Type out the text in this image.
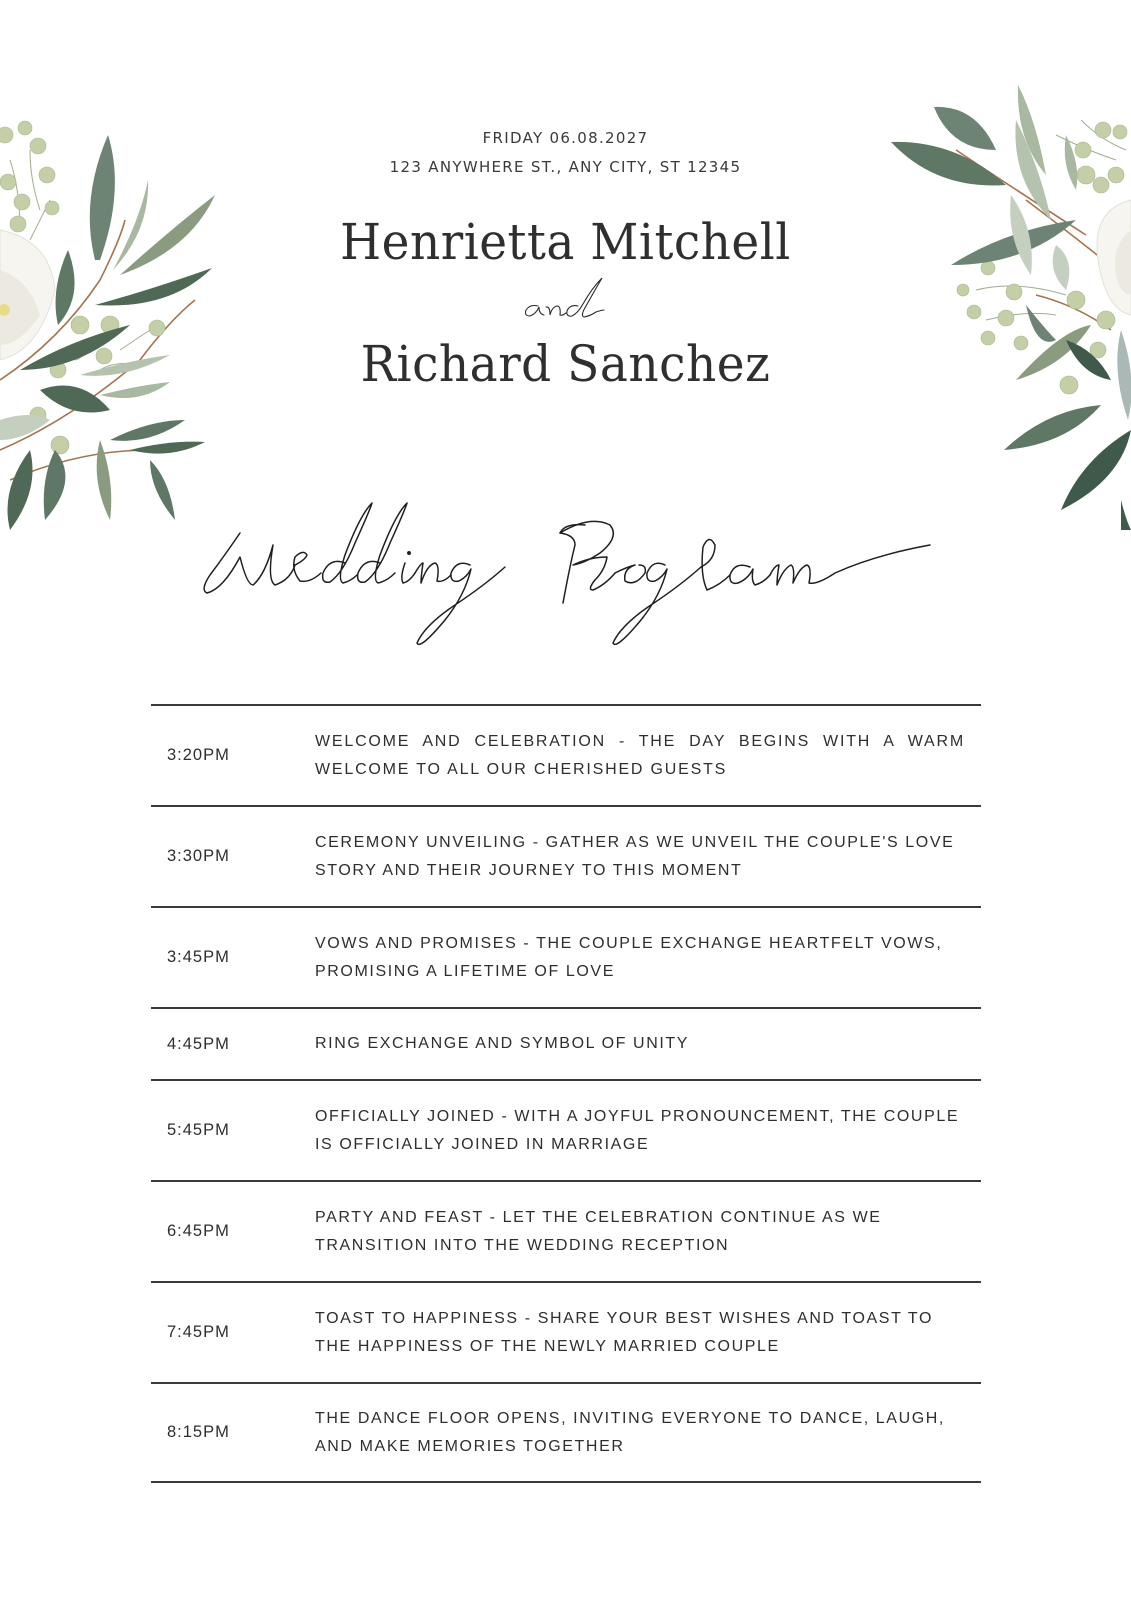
FRIDAY 06.08.2027
123 ANYWHERE ST., ANY CITY, ST 12345
Henrietta Mitchell
Richard Sanchez
3:20PM
WELCOME AND CELEBRATION - THE DAY BEGINS WITH A WARM WELCOME TO ALL OUR CHERISHED GUESTS
3:30PM
CEREMONY UNVEILING - GATHER AS WE UNVEIL THE COUPLE'S LOVE STORY AND THEIR JOURNEY TO THIS MOMENT
3:45PM
VOWS AND PROMISES - THE COUPLE EXCHANGE HEARTFELT VOWS, PROMISING A LIFETIME OF LOVE
4:45PM	RING EXCHANGE AND SYMBOL OF UNITY
5:45PM
OFFICIALLY JOINED - WITH A JOYFUL PRONOUNCEMENT, THE COUPLE IS OFFICIALLY JOINED IN MARRIAGE
6:45PM
PARTY AND FEAST - LET THE CELEBRATION CONTINUE AS WE TRANSITION INTO THE WEDDING RECEPTION
7:45PM
TOAST TO HAPPINESS - SHARE YOUR BEST WISHES AND TOAST TO THE HAPPINESS OF THE NEWLY MARRIED COUPLE
8:15PM
THE DANCE FLOOR OPENS, INVITING EVERYONE TO DANCE, LAUGH, AND MAKE MEMORIES TOGETHER
